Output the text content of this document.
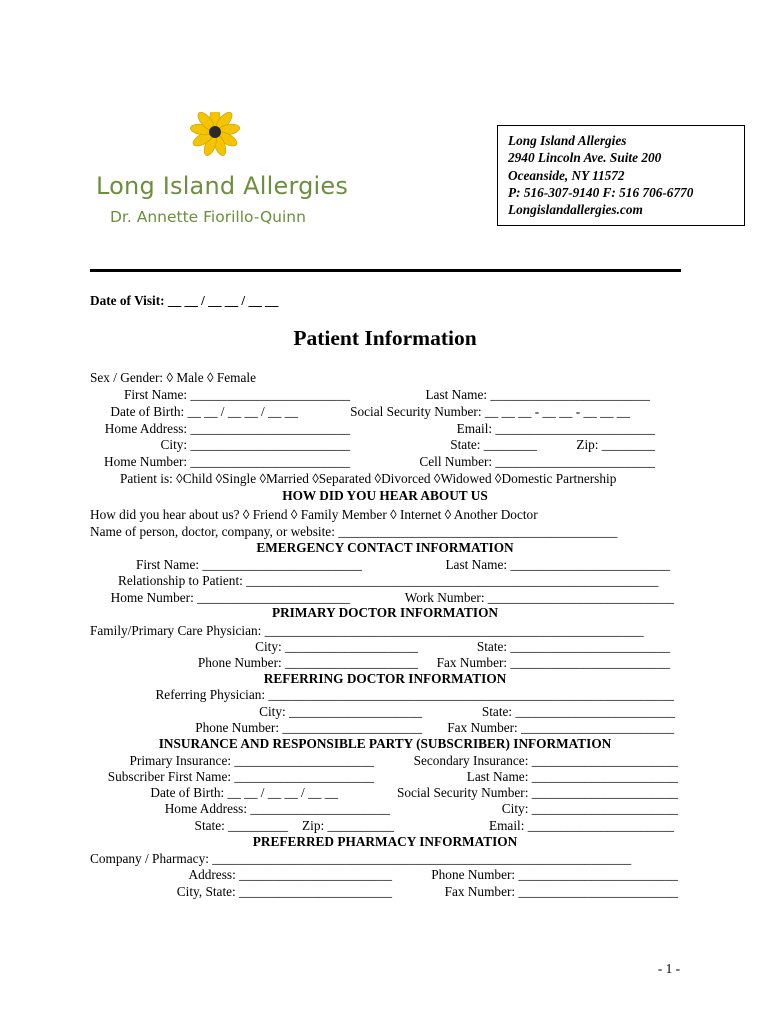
Long Island Allergies
Dr. Annette Fiorillo-Quinn
Long Island Allergies
2940 Lincoln Ave. Suite 200
Oceanside, NY 11572
P: 516-307-9140 F: 516 706-6770
Longislandallergies.com
Date of Visit: __ __ / __ __ / __ __
Patient Information
Sex / Gender: ◊ Male ◊ Female
First Name: ________________________	Last Name: ________________________
Date of Birth: __ __ / __ __ / __ __	Social Security Number: __ __ __ - __ __ - __ __ __
Home Address: ________________________	Email: ________________________
City: ________________________	State: ________	Zip: ________
Home Number: ________________________	Cell Number: ________________________
Patient is: ◊Child ◊Single ◊Married ◊Separated ◊Divorced ◊Widowed ◊Domestic Partnership
HOW DID YOU HEAR ABOUT US
How did you hear about us? ◊ Friend ◊ Family Member ◊ Internet ◊ Another Doctor
Name of person, doctor, company, or website: __________________________________________
EMERGENCY CONTACT INFORMATION
First Name: ________________________	Last Name: ________________________
Relationship to Patient: ______________________________________________________________
Home Number: _______________________	Work Number: ____________________________
PRIMARY DOCTOR INFORMATION
Family/Primary Care Physician: _________________________________________________________
City: ____________________	State: ________________________
Phone Number: ____________________ Fax Number: ________________________
REFERRING DOCTOR INFORMATION
Referring Physician: _____________________________________________________________
City: ____________________	State: ________________________
Phone Number: _____________________ Fax Number: _______________________
INSURANCE AND RESPONSIBLE PARTY (SUBSCRIBER) INFORMATION
Primary Insurance: _____________________	Secondary Insurance: ______________________
Subscriber First Name: _____________________	Last Name: ______________________
Date of Birth: __ __ / __ __ / __ __	Social Security Number: ______________________
Home Address: _____________________	City: ______________________
State: _________ Zip: __________	Email: ______________________
PREFERRED PHARMACY INFORMATION
Company / Pharmacy: _______________________________________________________________
Address: _______________________	Phone Number: ________________________
City, State: _______________________	Fax Number: ________________________
- 1 -
